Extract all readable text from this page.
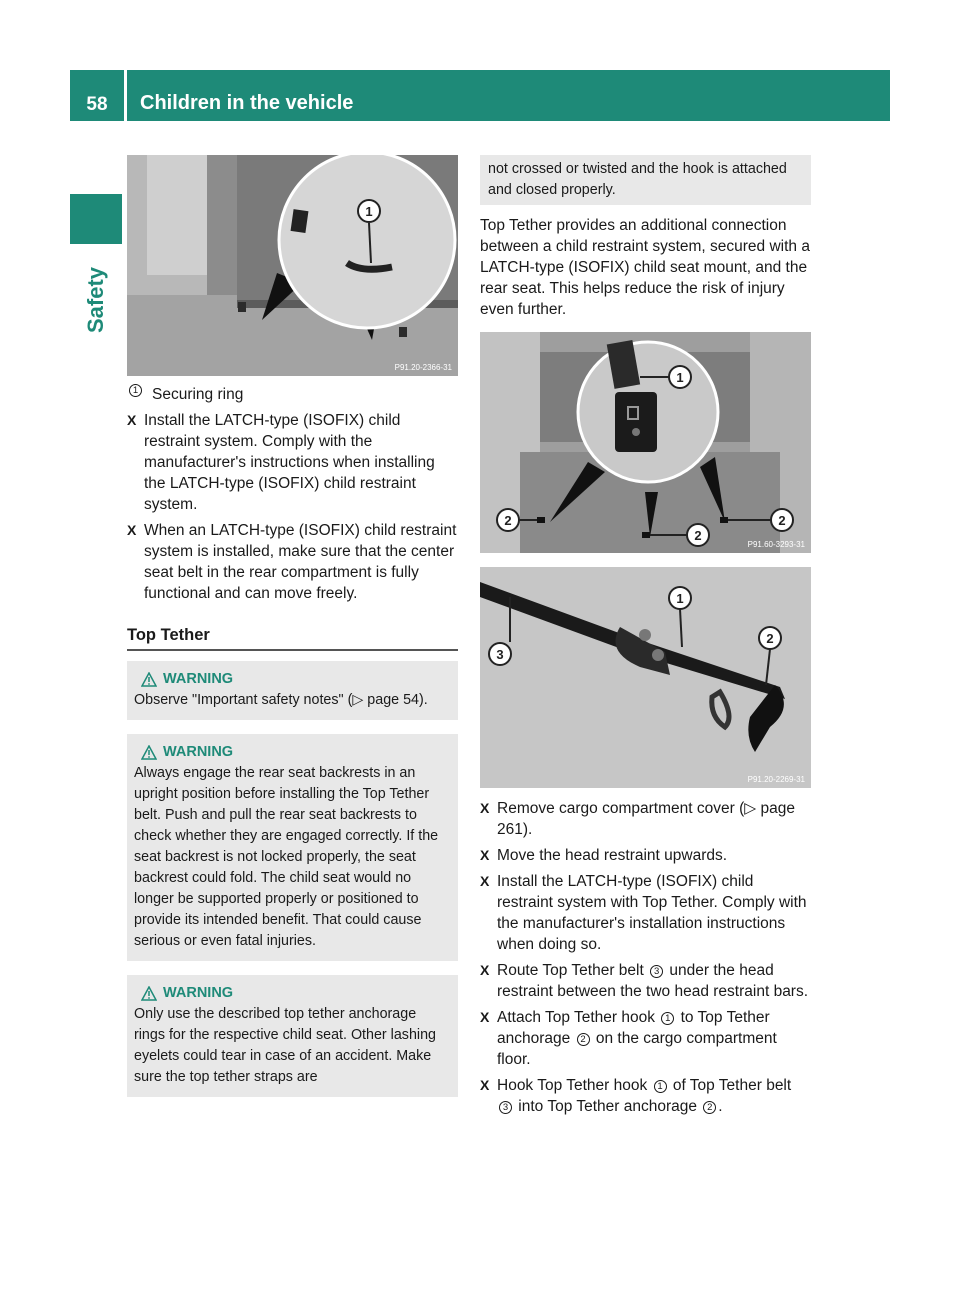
58	Children in the vehicle
Safety
1
P91.20-2366-31
1 Securing ring
X Install the LATCH-type (ISOFIX) child restraint system. Comply with the manufacturer's instructions when installing the LATCH-type (ISOFIX) child restraint system.

X When an LATCH-type (ISOFIX) child restraint system is installed, make sure that the center seat belt in the rear compartment is fully functional and can move freely.

Top Tether
WARNING

Observe "Important safety notes" (▷ page 54).

WARNING

Always engage the rear seat backrests in an upright position before installing the Top Tether belt. Push and pull the rear seat backrests to check whether they are engaged correctly. If the seat backrest is not locked properly, the seat backrest could fold. The child seat would no longer be supported properly or positioned to provide its intended benefit. That could cause serious or even fatal injuries.

WARNING

Only use the described top tether anchorage rings for the respective child seat. Other lashing eyelets could tear in case of an accident. Make sure the top tether straps are

not crossed or twisted and the hook is attached and closed properly.

Top Tether provides an additional connection between a child restraint system, secured with a LATCH-type (ISOFIX) child seat mount, and the rear seat. This helps reduce the risk of injury even further.

1
2
2
2
P91.60-3293-31
3
1
2
P91.20-2269-31
X Remove cargo compartment cover (▷ page 261).

X Move the head restraint upwards.

X Install the LATCH-type (ISOFIX) child restraint system with Top Tether. Comply with the manufacturer's installation instructions when doing so.

X Route Top Tether belt 3 under the head restraint between the two head restraint bars.

X Attach Top Tether hook 1 to Top Tether anchorage 2 on the cargo compartment floor.

X Hook Top Tether hook 1 of Top Tether belt 3 into Top Tether anchorage 2 .
